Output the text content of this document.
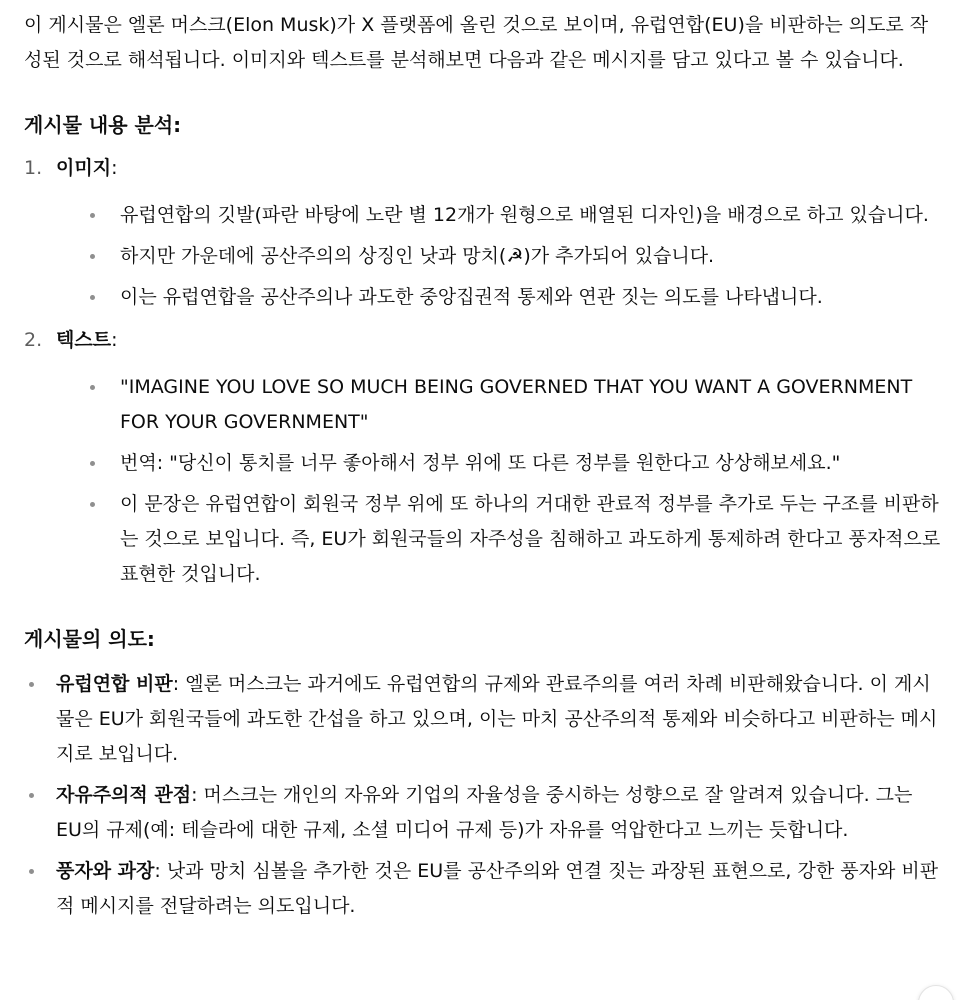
이 게시물은 엘론 머스크(Elon Musk)가 X 플랫폼에 올린 것으로 보이며, 유럽연합(EU)을 비판하는 의도로 작성된 것으로 해석됩니다. 이미지와 텍스트를 분석해보면 다음과 같은 메시지를 담고 있다고 볼 수 있습니다.

게시물 내용 분석:
1. 이미지:
유럽연합의 깃발(파란 바탕에 노란 별 12개가 원형으로 배열된 디자인)을 배경으로 하고 있습니다.
하지만 가운데에 공산주의의 상징인 낫과 망치(☭)가 추가되어 있습니다.
이는 유럽연합을 공산주의나 과도한 중앙집권적 통제와 연관 짓는 의도를 나타냅니다.
2. 텍스트:
"IMAGINE YOU LOVE SO MUCH BEING GOVERNED THAT YOU WANT A GOVERNMENT FOR YOUR GOVERNMENT"
번역: "당신이 통치를 너무 좋아해서 정부 위에 또 다른 정부를 원한다고 상상해보세요."
이 문장은 유럽연합이 회원국 정부 위에 또 하나의 거대한 관료적 정부를 추가로 두는 구조를 비판하는 것으로 보입니다. 즉, EU가 회원국들의 자주성을 침해하고 과도하게 통제하려 한다고 풍자적으로 표현한 것입니다.
게시물의 의도:
유럽연합 비판: 엘론 머스크는 과거에도 유럽연합의 규제와 관료주의를 여러 차례 비판해왔습니다. 이 게시물은 EU가 회원국들에 과도한 간섭을 하고 있으며, 이는 마치 공산주의적 통제와 비슷하다고 비판하는 메시지로 보입니다.
자유주의적 관점: 머스크는 개인의 자유와 기업의 자율성을 중시하는 성향으로 잘 알려져 있습니다. 그는 EU의 규제(예: 테슬라에 대한 규제, 소셜 미디어 규제 등)가 자유를 억압한다고 느끼는 듯합니다.
풍자와 과장: 낫과 망치 심볼을 추가한 것은 EU를 공산주의와 연결 짓는 과장된 표현으로, 강한 풍자와 비판적 메시지를 전달하려는 의도입니다.
